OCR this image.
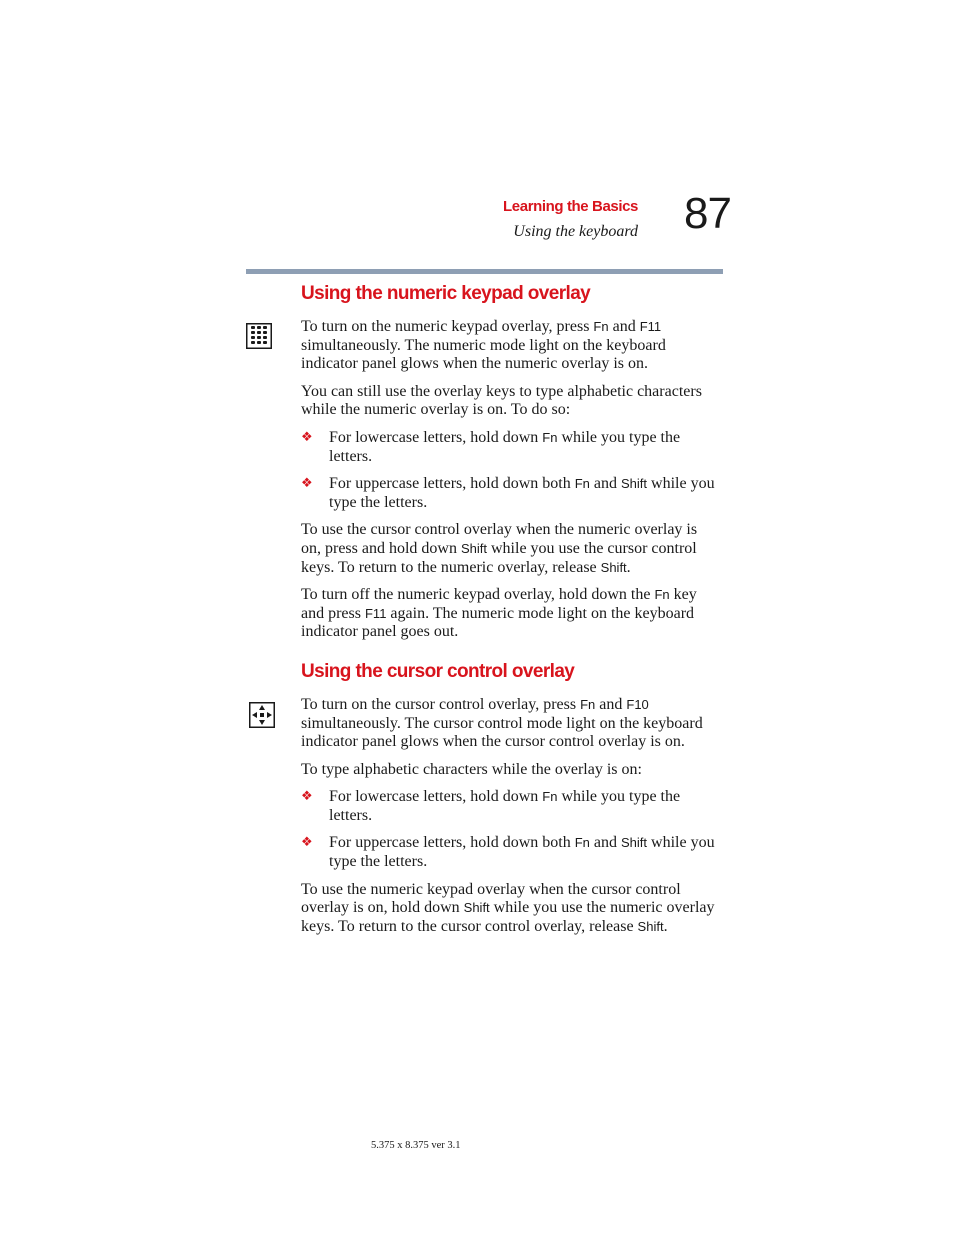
Learning the Basics
Using the keyboard 87
Using the numeric keypad overlay

To turn on the numeric keypad overlay, press Fn and F11 simultaneously. The numeric mode light on the keyboard indicator panel glows when the numeric overlay is on.

You can still use the overlay keys to type alphabetic characters while the numeric overlay is on. To do so:

❖ For lowercase letters, hold down Fn while you type the letters.
❖ For uppercase letters, hold down both Fn and Shift while you type the letters.

To use the cursor control overlay when the numeric overlay is on, press and hold down Shift while you use the cursor control keys. To return to the numeric overlay, release Shift.

To turn off the numeric keypad overlay, hold down the Fn key and press F11 again. The numeric mode light on the keyboard indicator panel goes out.

Using the cursor control overlay

To turn on the cursor control overlay, press Fn and F10 simultaneously. The cursor control mode light on the keyboard indicator panel glows when the cursor control overlay is on.

To type alphabetic characters while the overlay is on:

❖ For lowercase letters, hold down Fn while you type the letters.
❖ For uppercase letters, hold down both Fn and Shift while you type the letters.

To use the numeric keypad overlay when the cursor control overlay is on, hold down Shift while you use the numeric overlay keys. To return to the cursor control overlay, release Shift.

5.375 x 8.375 ver 3.1
